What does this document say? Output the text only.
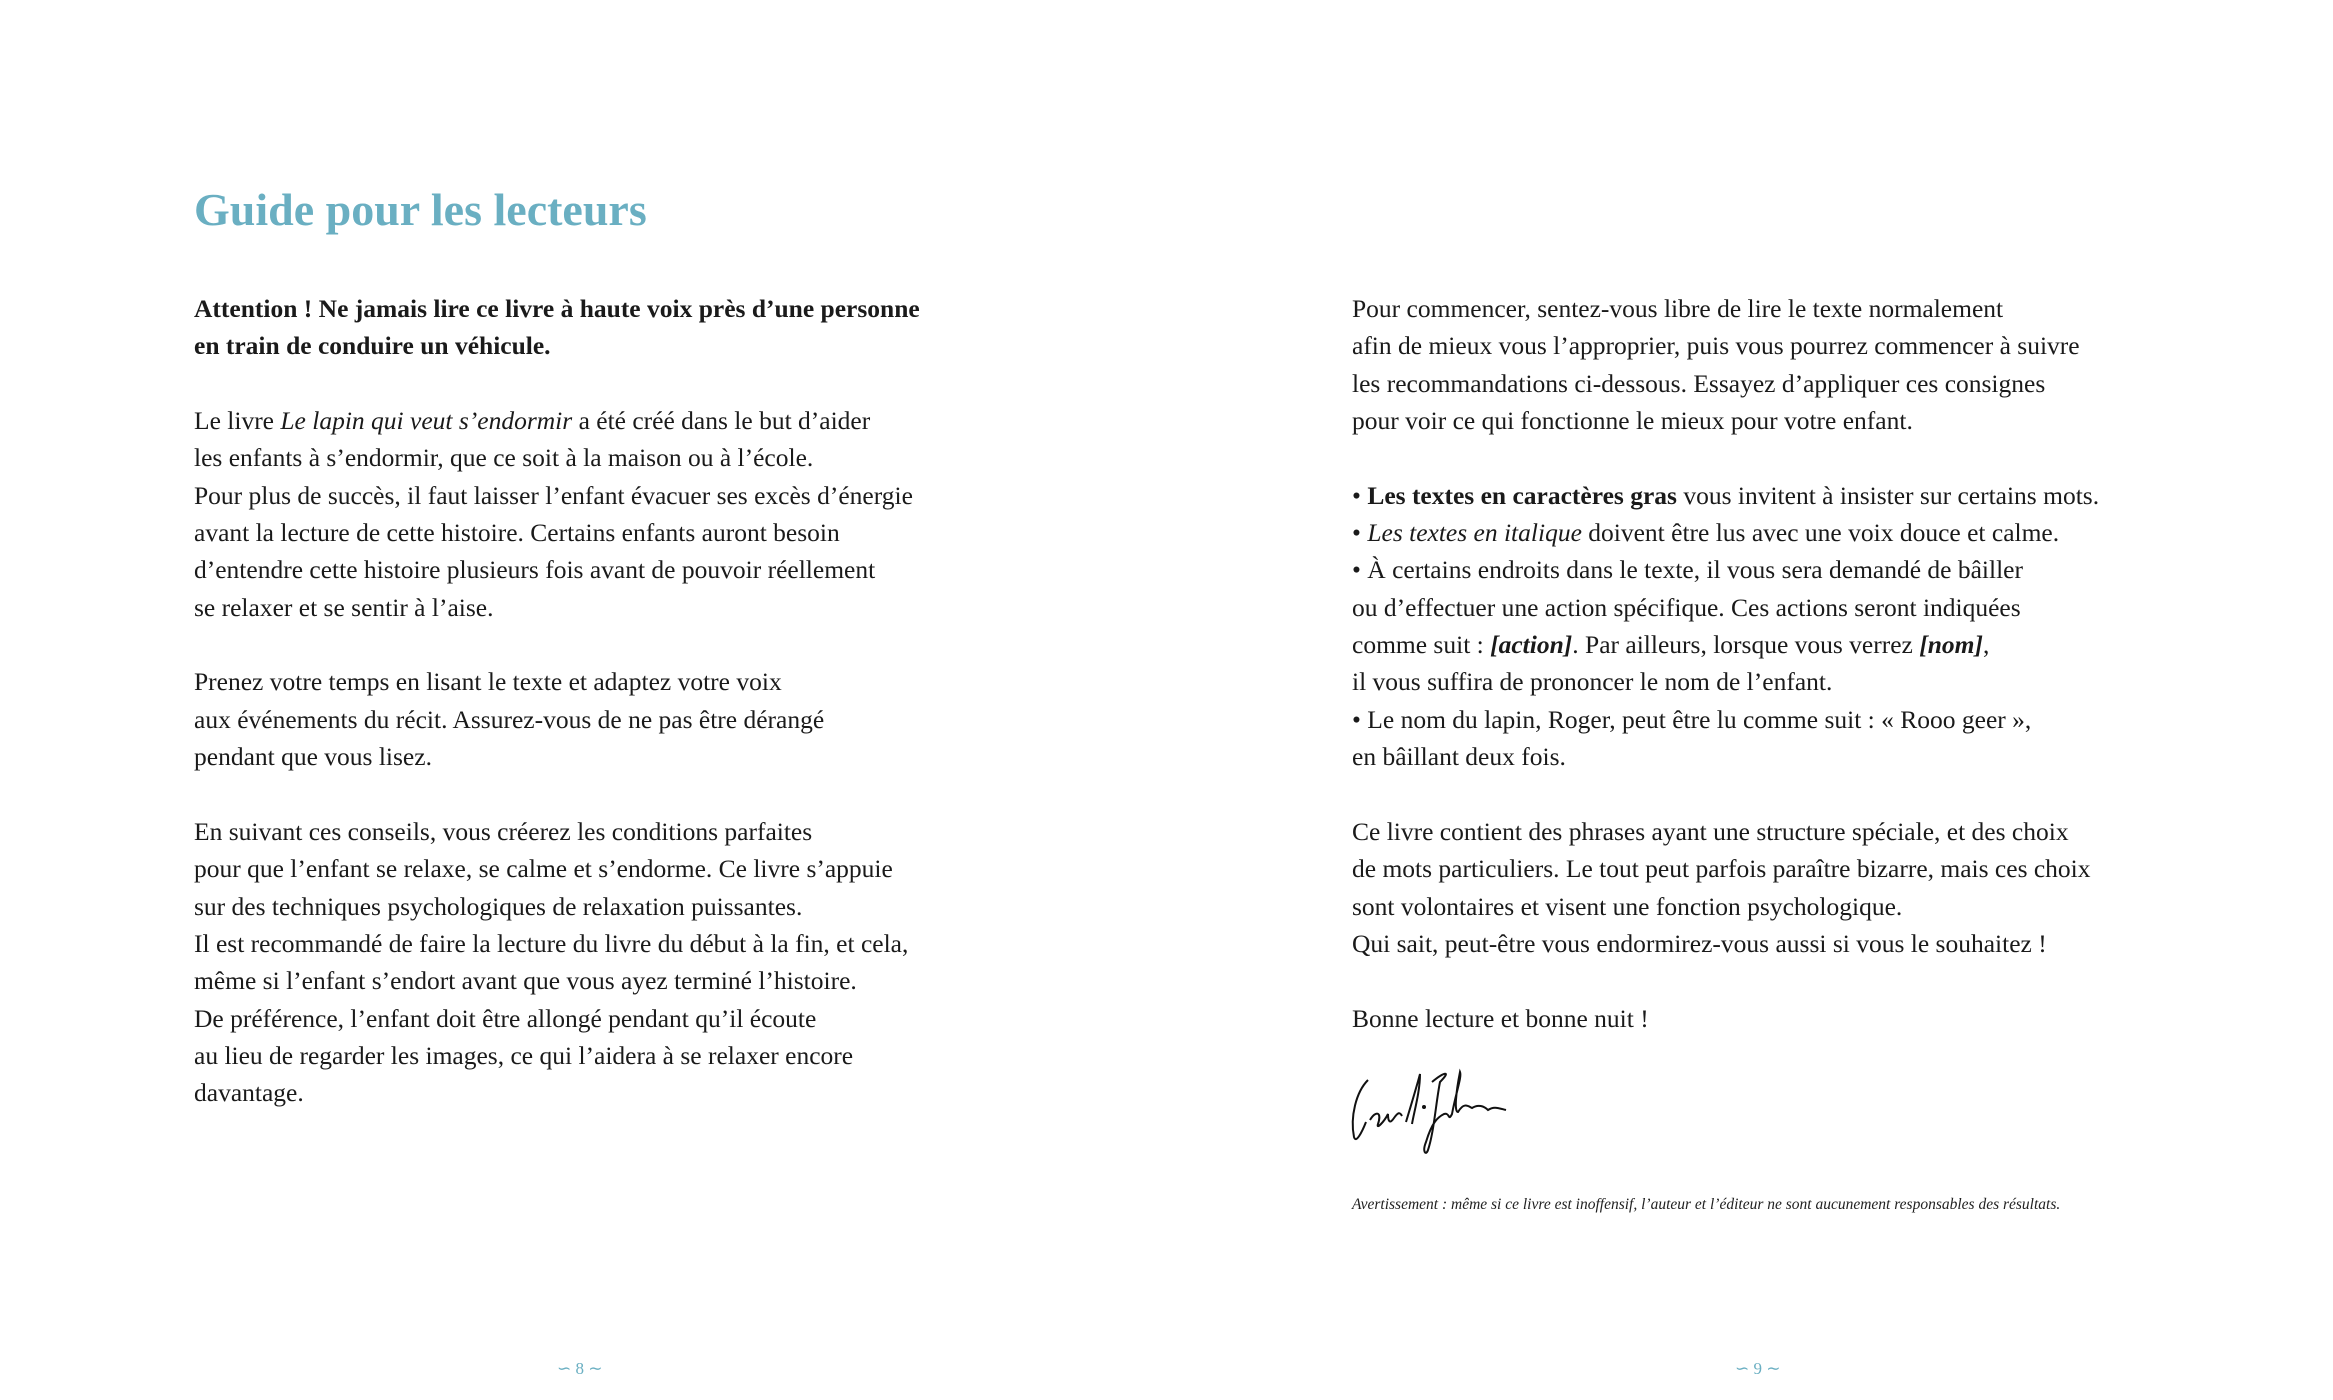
Guide pour les lecteurs
Attention ! Ne jamais lire ce livre à haute voix près d’une personne
en train de conduire un véhicule.
Le livre Le lapin qui veut s’endormir a été créé dans le but d’aider
les enfants à s’endormir, que ce soit à la maison ou à l’école.
Pour plus de succès, il faut laisser l’enfant évacuer ses excès d’énergie
avant la lecture de cette histoire. Certains enfants auront besoin
d’entendre cette histoire plusieurs fois avant de pouvoir réellement
se relaxer et se sentir à l’aise.
Prenez votre temps en lisant le texte et adaptez votre voix
aux événements du récit. Assurez-vous de ne pas être dérangé
pendant que vous lisez.
En suivant ces conseils, vous créerez les conditions parfaites
pour que l’enfant se relaxe, se calme et s’endorme. Ce livre s’appuie
sur des techniques psychologiques de relaxation puissantes.
Il est recommandé de faire la lecture du livre du début à la fin, et cela,
même si l’enfant s’endort avant que vous ayez terminé l’histoire.
De préférence, l’enfant doit être allongé pendant qu’il écoute
au lieu de regarder les images, ce qui l’aidera à se relaxer encore
davantage.
Pour commencer, sentez-vous libre de lire le texte normalement
afin de mieux vous l’approprier, puis vous pourrez commencer à suivre
les recommandations ci-dessous. Essayez d’appliquer ces consignes
pour voir ce qui fonctionne le mieux pour votre enfant.
• Les textes en caractères gras vous invitent à insister sur certains mots.
• Les textes en italique doivent être lus avec une voix douce et calme.
• À certains endroits dans le texte, il vous sera demandé de bâiller
ou d’effectuer une action spécifique. Ces actions seront indiquées
comme suit : [action]. Par ailleurs, lorsque vous verrez [nom],
il vous suffira de prononcer le nom de l’enfant.
• Le nom du lapin, Roger, peut être lu comme suit : « Rooo geer »,
en bâillant deux fois.
Ce livre contient des phrases ayant une structure spéciale, et des choix
de mots particuliers. Le tout peut parfois paraître bizarre, mais ces choix
sont volontaires et visent une fonction psychologique.
Qui sait, peut-être vous endormirez-vous aussi si vous le souhaitez !
Bonne lecture et bonne nuit !
Avertissement : même si ce livre est inoffensif, l’auteur et l’éditeur ne sont aucunement responsables des résultats.
∽ 8 ∼	∽ 9 ∼
